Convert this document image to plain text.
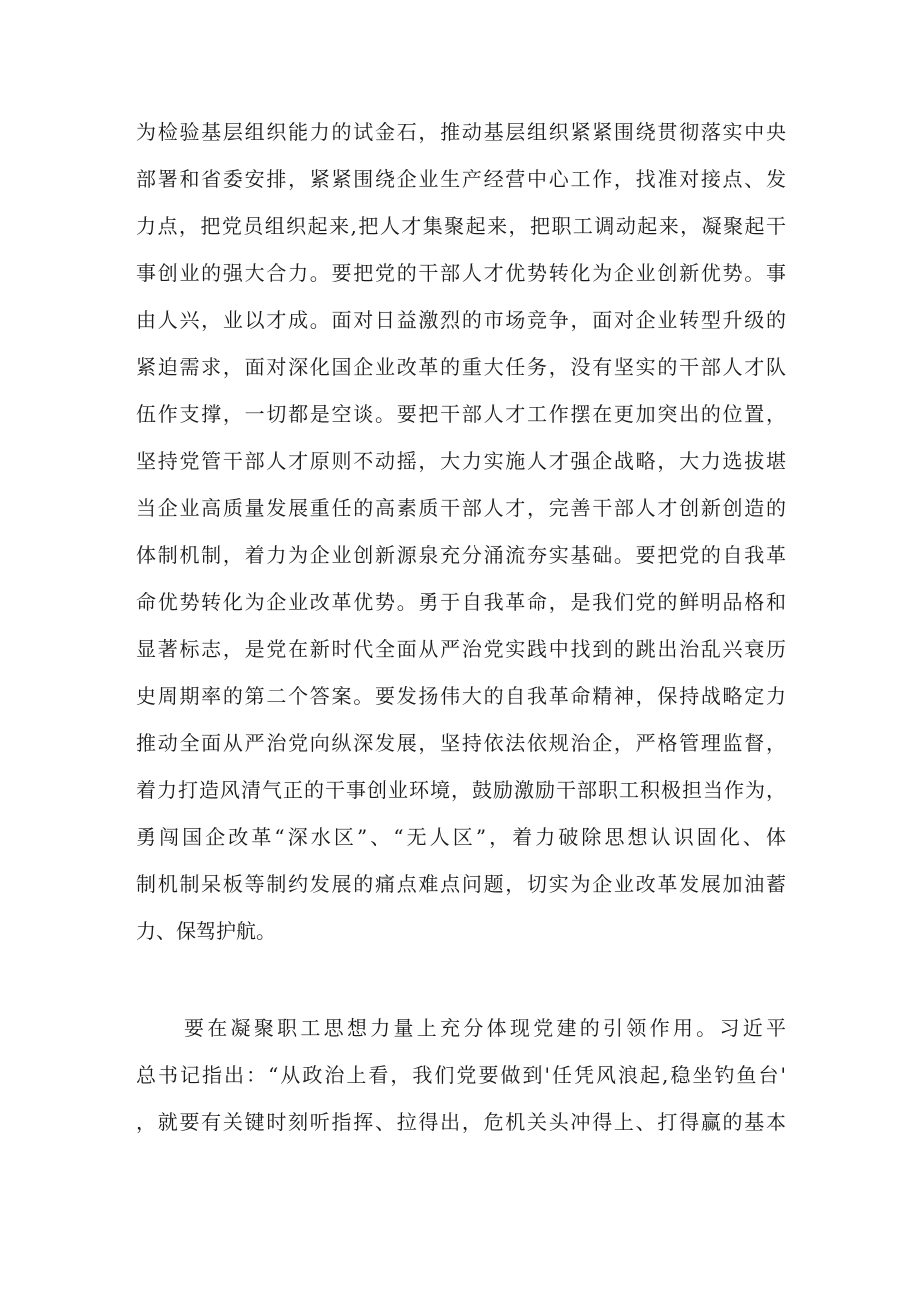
为检验基层组织能力的试金石，推动基层组织紧紧围绕贯彻落实中央
部署和省委安排，紧紧围绕企业生产经营中心工作，找准对接点、发
力点，把党员组织起来,把人才集聚起来，把职工调动起来，凝聚起干
事创业的强大合力。要把党的干部人才优势转化为企业创新优势。事
由人兴，业以才成。面对日益激烈的市场竞争，面对企业转型升级的
紧迫需求，面对深化国企业改革的重大任务，没有坚实的干部人才队
伍作支撑，一切都是空谈。要把干部人才工作摆在更加突出的位置，
坚持党管干部人才原则不动摇，大力实施人才强企战略，大力选拔堪
当企业高质量发展重任的高素质干部人才，完善干部人才创新创造的
体制机制，着力为企业创新源泉充分涌流夯实基础。要把党的自我革
命优势转化为企业改革优势。勇于自我革命，是我们党的鲜明品格和
显著标志，是党在新时代全面从严治党实践中找到的跳出治乱兴衰历
史周期率的第二个答案。要发扬伟大的自我革命精神，保持战略定力
推动全面从严治党向纵深发展，坚持依法依规治企，严格管理监督，
着力打造风清气正的干事创业环境，鼓励激励干部职工积极担当作为，
勇闯国企改革“深水区”、“无人区”，着力破除思想认识固化、体
制机制呆板等制约发展的痛点难点问题，切实为企业改革发展加油蓄
力、保驾护航。
要在凝聚职工思想力量上充分体现党建的引领作用。习近平
总书记指出：“从政治上看，我们党要做到'任凭风浪起,稳坐钓鱼台'
，就要有关键时刻听指挥、拉得出，危机关头冲得上、打得赢的基本
